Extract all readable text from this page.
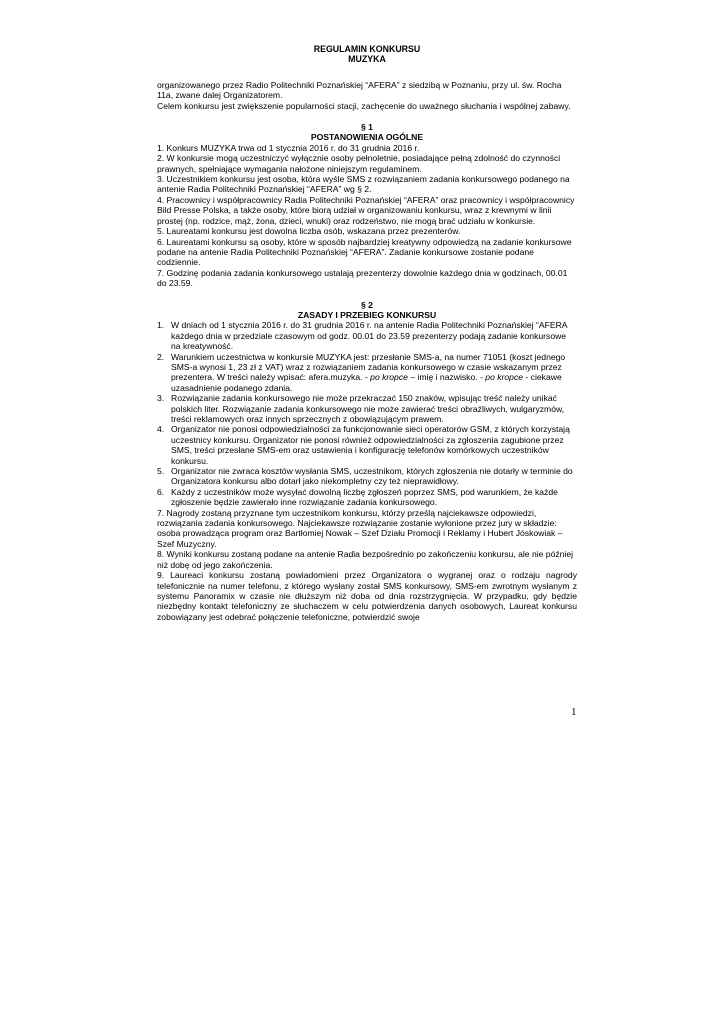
REGULAMIN KONKURSU
MUZYKA

organizowanego przez Radio Politechniki Poznańskiej “AFERA” z siedzibą w Poznaniu, przy ul. św. Rocha 11a, zwane dalej Organizatorem.

Celem konkursu jest zwiększenie popularności stacji, zachęcenie do uważnego słuchania i wspólnej zabawy.

§ 1
POSTANOWIENIA OGÓLNE

1. Konkurs MUZYKA trwa od 1 stycznia 2016 r. do 31 grudnia 2016 r.

2. W konkursie mogą uczestniczyć wyłącznie osoby pełnoletnie, posiadające pełną zdolność do czynności prawnych, spełniające wymagania nałożone niniejszym regulaminem.

3. Uczestnikiem konkursu jest osoba, która wyśle SMS z rozwiązaniem zadania konkursowego podanego na antenie Radia Politechniki Poznańskiej “AFERA” wg § 2.

4. Pracownicy i współpracownicy Radia Politechniki Poznańskiej “AFERA” oraz pracownicy i współpracownicy Bild Presse Polska, a także osoby, które biorą udział w organizowaniu konkursu, wraz z krewnymi w linii prostej (np. rodzice, mąż, żona, dzieci, wnuki) oraz rodzeństwo, nie mogą brać udziału w konkursie.

5. Laureatami konkursu jest dowolna liczba osób, wskazana przez prezenterów.

6. Laureatami konkursu są osoby, które w sposób najbardziej kreatywny odpowiedzą na zadanie konkursowe podane na antenie Radia Politechniki Poznańskiej “AFERA”. Zadanie konkursowe zostanie podane codziennie.

7. Godzinę podania zadania konkursowego ustalają prezenterzy dowolnie każdego dnia w godzinach, 00.01 do 23.59.

§ 2
ZASADY I PRZEBIEG KONKURSU
1. W dniach od 1 stycznia 2016 r. do 31 grudnia 2016 r. na antenie Radia Politechniki Poznańskiej “AFERA każdego dnia w przedziale czasowym od godz. 00.01 do 23.59 prezenterzy podają zadanie konkursowe na kreatywność.
2. Warunkiem uczestnictwa w konkursie MUZYKA jest: przesłanie SMS-a, na numer 71051 (koszt jednego SMS-a wynosi 1, 23 zł z VAT) wraz z rozwiązaniem zadania konkursowego w czasie wskazanym przez prezentera. W treści należy wpisać: afera.muzyka. - po kropce – imię i nazwisko. - po kropce - ciekawe uzasadnienie podanego zdania.
3. Rozwiązanie zadania konkursowego nie może przekraczać 150 znaków, wpisując treść należy unikać polskich liter. Rozwiązanie zadania konkursowego nie może zawierać treści obraźliwych, wulgaryzmów, treści reklamowych oraz innych sprzecznych z obowiązującym prawem.
4. Organizator nie ponosi odpowiedzialności za funkcjonowanie sieci operatorów GSM, z których korzystają uczestnicy konkursu. Organizator nie ponosi również odpowiedzialności za zgłoszenia zagubione przez SMS, treści przesłane SMS-em oraz ustawienia i konfigurację telefonów komórkowych uczestników konkursu.
5. Organizator nie zwraca kosztów wysłania SMS, uczestnikom, których zgłoszenia nie dotarły w terminie do Organizatora konkursu albo dotarł jako niekompletny czy też nieprawidłowy.
6. Każdy z uczestników może wysyłać dowolną liczbę zgłoszeń poprzez SMS, pod warunkiem, że każde zgłoszenie będzie zawierało inne rozwiązanie zadania konkursowego.

7. Nagrody zostaną przyznane tym uczestnikom konkursu, którzy prześlą najciekawsze odpowiedzi, rozwiązania zadania konkursowego. Najciekawsze rozwiązanie zostanie wyłonione przez jury w składzie: osoba prowadząca program oraz Bartłomiej Nowak – Szef Działu Promocji i Reklamy i Hubert Jóskowiak – Szef Muzyczny.

8. Wyniki konkursu zostaną podane na antenie Radia bezpośrednio po zakończeniu konkursu, ale nie później niż dobę od jego zakończenia.

9. Laureaci konkursu zostaną powiadomieni przez Organizatora o wygranej oraz o rodzaju nagrody telefonicznie na numer telefonu, z którego wysłany został SMS konkursowy, SMS-em zwrotnym wysłanym z systemu Panoramix w czasie nie dłuższym niż doba od dnia rozstrzygnięcia. W przypadku, gdy będzie niezbędny kontakt telefoniczny ze słuchaczem w celu potwierdzenia danych osobowych, Laureat konkursu zobowiązany jest odebrać połączenie telefoniczne, potwierdzić swoje

1
